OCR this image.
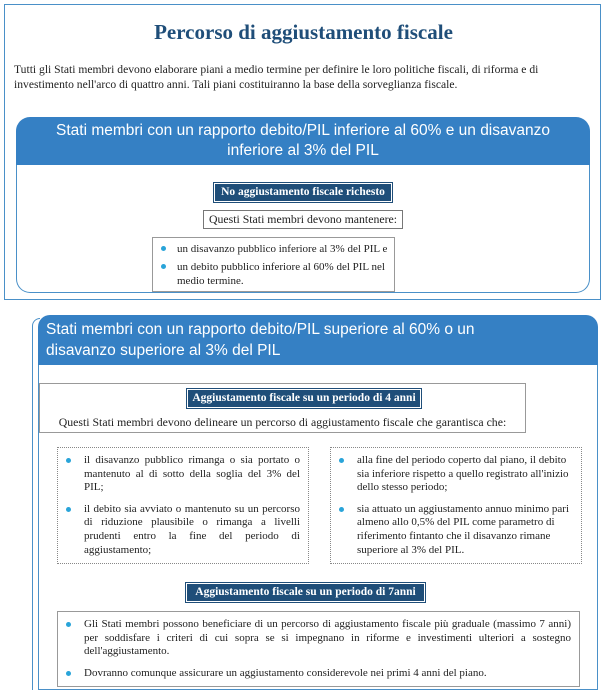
Percorso di aggiustamento fiscale

Tutti gli Stati membri devono elaborare piani a medio termine per definire le loro politiche fiscali, di riforma e di investimento nell'arco di quattro anni. Tali piani costituiranno la base della sorveglianza fiscale.

Stati membri con un rapporto debito/PIL inferiore al 60% e un disavanzo
inferiore al 3% del PIL
No aggiustamento fiscale richesto
Questi Stati membri devono mantenere:
un disavanzo pubblico inferiore al 3% del PIL e
un debito pubblico inferiore al 60% del PIL nel medio termine.
Stati membri con un rapporto debito/PIL superiore al 60% o un
disavanzo superiore al 3% del PIL
Aggiustamento fiscale su un periodo di 4 anni
Questi Stati membri devono delineare un percorso di aggiustamento fiscale che garantisca che:
il disavanzo pubblico rimanga o sia portato o mantenuto al di sotto della soglia del 3% del PIL;
il debito sia avviato o mantenuto su un percorso di riduzione plausibile o rimanga a livelli prudenti entro la fine del periodo di aggiustamento;
alla fine del periodo coperto dal piano, il debito sia inferiore rispetto a quello registrato all'inizio dello stesso periodo;
sia attuato un aggiustamento annuo minimo pari almeno allo 0,5% del PIL come parametro di riferimento fintanto che il disavanzo rimane superiore al 3% del PIL.
Aggiustamento fiscale su un periodo di 7anni
Gli Stati membri possono beneficiare di un percorso di aggiustamento fiscale più graduale (massimo 7 anni) per soddisfare i criteri di cui sopra se si impegnano in riforme e investimenti ulteriori a sostegno dell'aggiustamento.
Dovranno comunque assicurare un aggiustamento considerevole nei primi 4 anni del piano.
